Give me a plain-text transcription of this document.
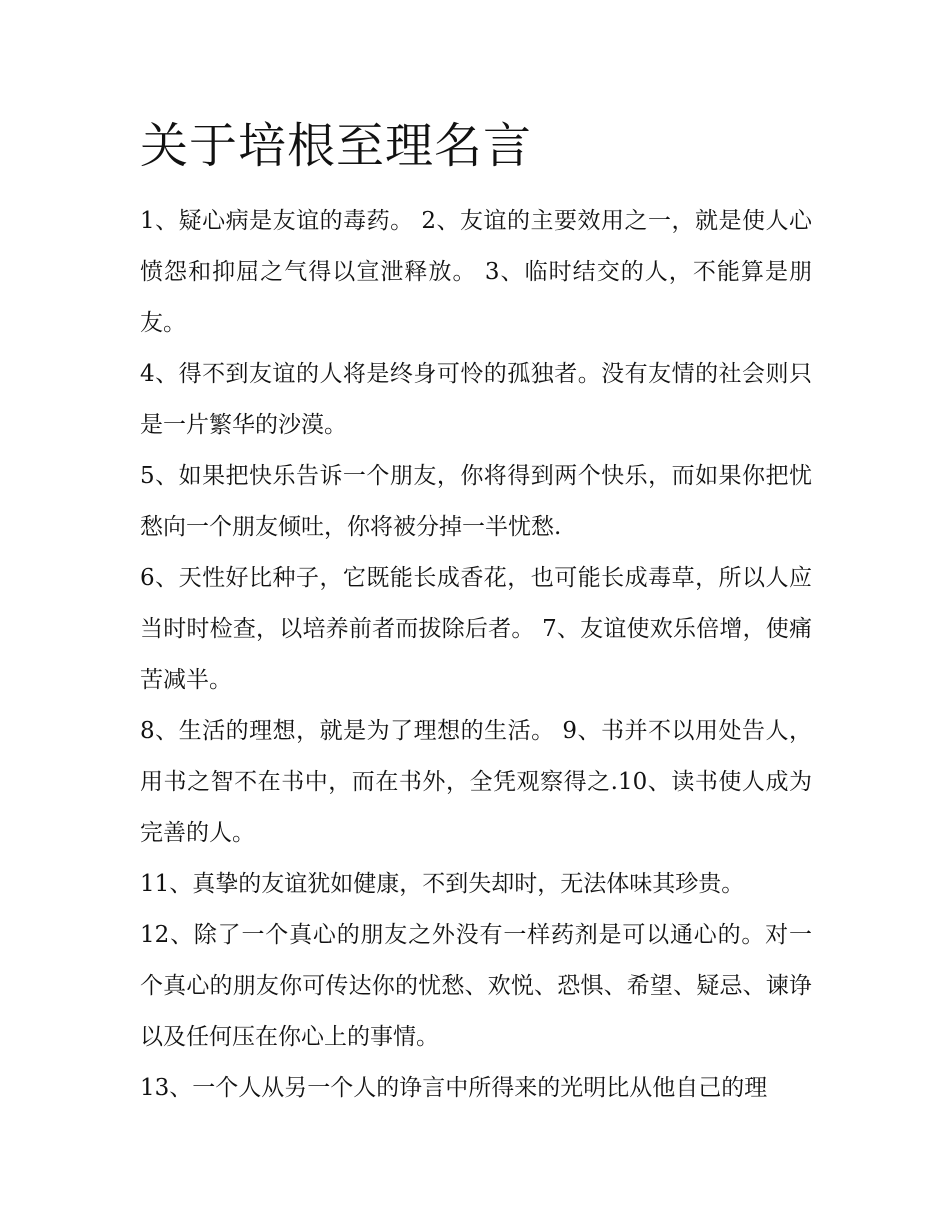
关于培根至理名言

1、疑心病是友谊的毒药。 2、友谊的主要效用之一，就是使人心愤怨和抑屈之气得以宣泄释放。 3、临时结交的人，不能算是朋友。

4、得不到友谊的人将是终身可怜的孤独者。没有友情的社会则只是一片繁华的沙漠。

5、如果把快乐告诉一个朋友，你将得到两个快乐，而如果你把忧愁向一个朋友倾吐，你将被分掉一半忧愁.

6、天性好比种子，它既能长成香花，也可能长成毒草，所以人应当时时检查，以培养前者而拔除后者。 7、友谊使欢乐倍增，使痛苦减半。

8、生活的理想，就是为了理想的生活。 9、书并不以用处告人，用书之智不在书中，而在书外，全凭观察得之.10、读书使人成为完善的人。

11、真挚的友谊犹如健康，不到失却时，无法体味其珍贵。

12、除了一个真心的朋友之外没有一样药剂是可以通心的。对一个真心的朋友你可传达你的忧愁、欢悦、恐惧、希望、疑忌、谏诤以及任何压在你心上的事情。

13、一个人从另一个人的诤言中所得来的光明比从他自己的理
